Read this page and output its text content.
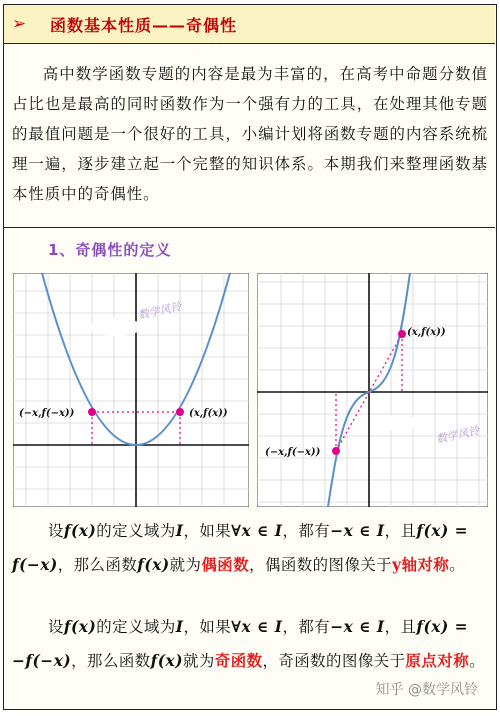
➢	函数基本性质——奇偶性

高中数学函数专题的内容是最为丰富的，在高考中命题分数值占比也是最高的同时函数作为一个强有力的工具，在处理其他专题的最值问题是一个很好的工具，小编计划将函数专题的内容系统梳理一遍，逐步建立起一个完整的知识体系。本期我们来整理函数基本性质中的奇偶性。

1、奇偶性的定义
(−x,f(−x))	(x,f(x))
数学风铃
(x,f(x))
(−x,f(−x))
数学风铃

设f(x)的定义域为I，如果∀x ∈ I，都有−x ∈ I，且f(x) = f(−x)，那么函数f(x)就为偶函数，偶函数的图像关于y轴对称。

设f(x)的定义域为I，如果∀x ∈ I，都有−x ∈ I，且f(x) = −f(−x)，那么函数f(x)就为奇函数，奇函数的图像关于原点对称。

知乎 @数学风铃
